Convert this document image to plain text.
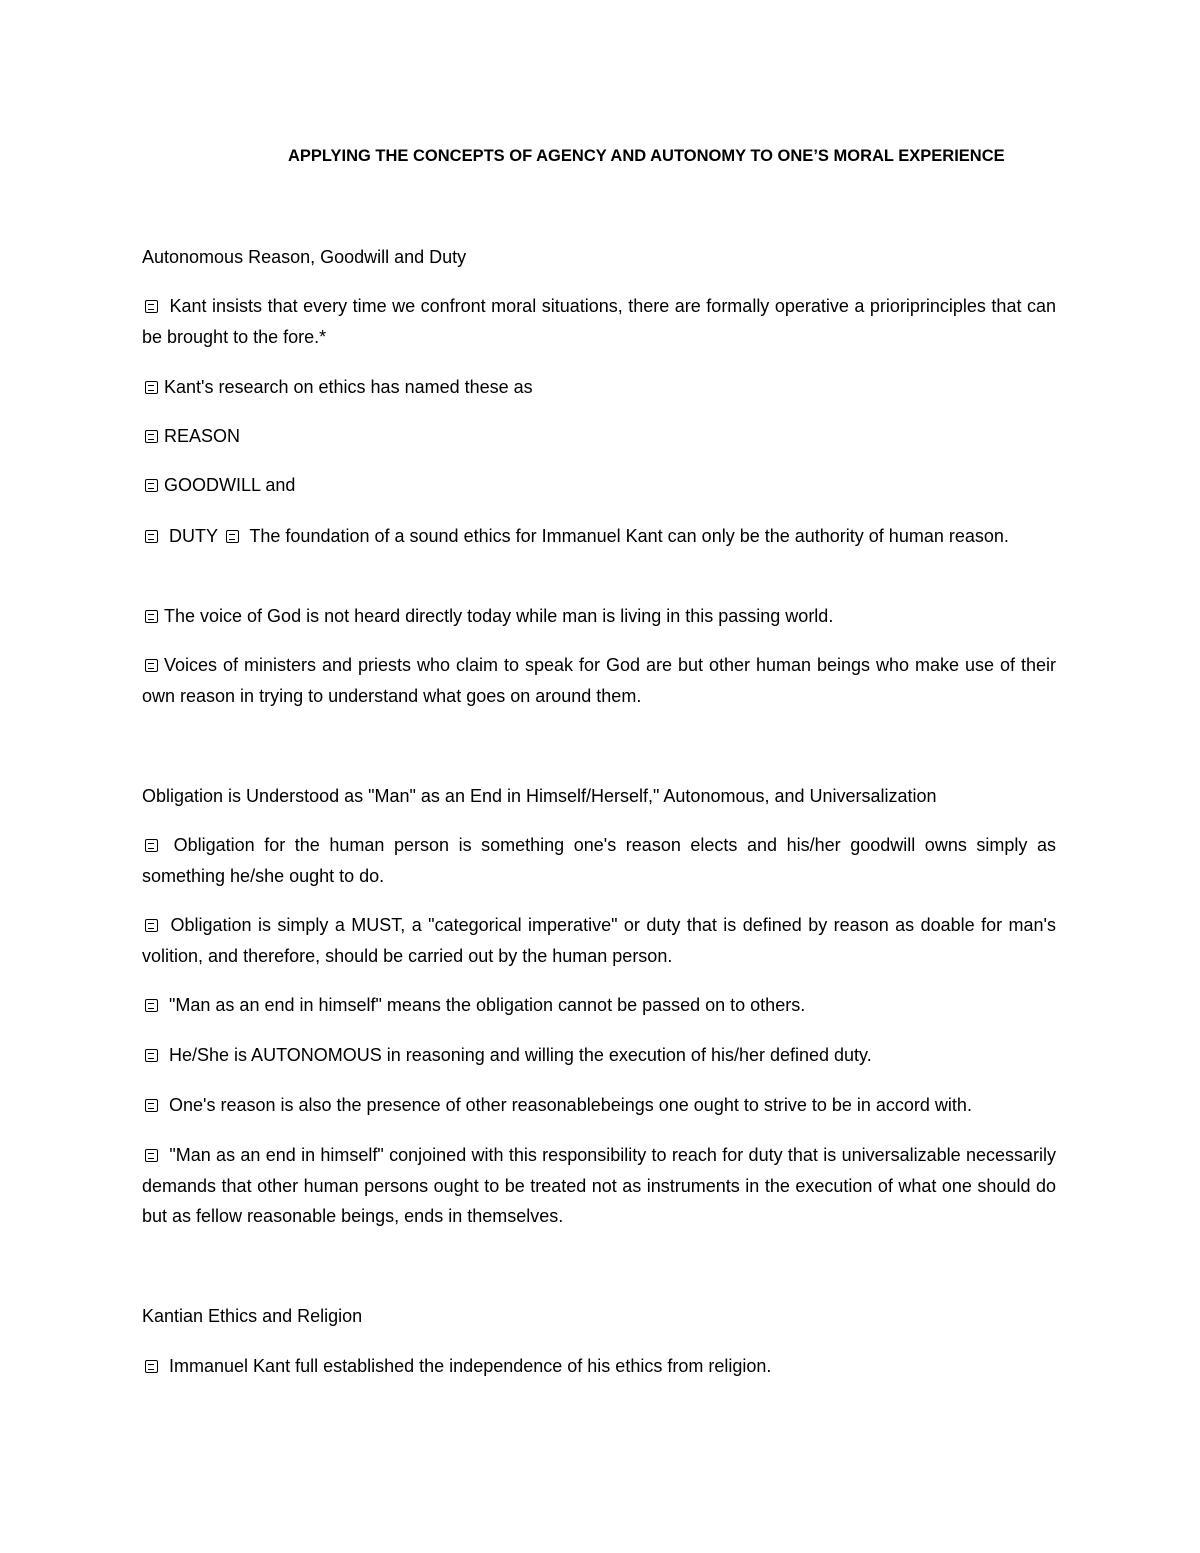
APPLYING THE CONCEPTS OF AGENCY AND AUTONOMY TO ONE’S MORAL EXPERIENCE
Autonomous Reason, Goodwill and Duty
Kant insists that every time we confront moral situations, there are formally operative a prioriprinciples that can be brought to the fore.*
Kant's research on ethics has named these as
REASON
GOODWILL and
DUTY The foundation of a sound ethics for Immanuel Kant can only be the authority of human reason.
The voice of God is not heard directly today while man is living in this passing world.
Voices of ministers and priests who claim to speak for God are but other human beings who make use of their own reason in trying to understand what goes on around them.
Obligation is Understood as "Man" as an End in Himself/Herself," Autonomous, and Universalization
Obligation for the human person is something one's reason elects and his/her goodwill owns simply as something he/she ought to do.
Obligation is simply a MUST, a "categorical imperative" or duty that is defined by reason as doable for man's volition, and therefore, should be carried out by the human person.
"Man as an end in himself" means the obligation cannot be passed on to others.
He/She is AUTONOMOUS in reasoning and willing the execution of his/her defined duty.
One's reason is also the presence of other reasonablebeings one ought to strive to be in accord with.
"Man as an end in himself" conjoined with this responsibility to reach for duty that is universalizable necessarily demands that other human persons ought to be treated not as instruments in the execution of what one should do but as fellow reasonable beings, ends in themselves.
Kantian Ethics and Religion
Immanuel Kant full established the independence of his ethics from religion.
